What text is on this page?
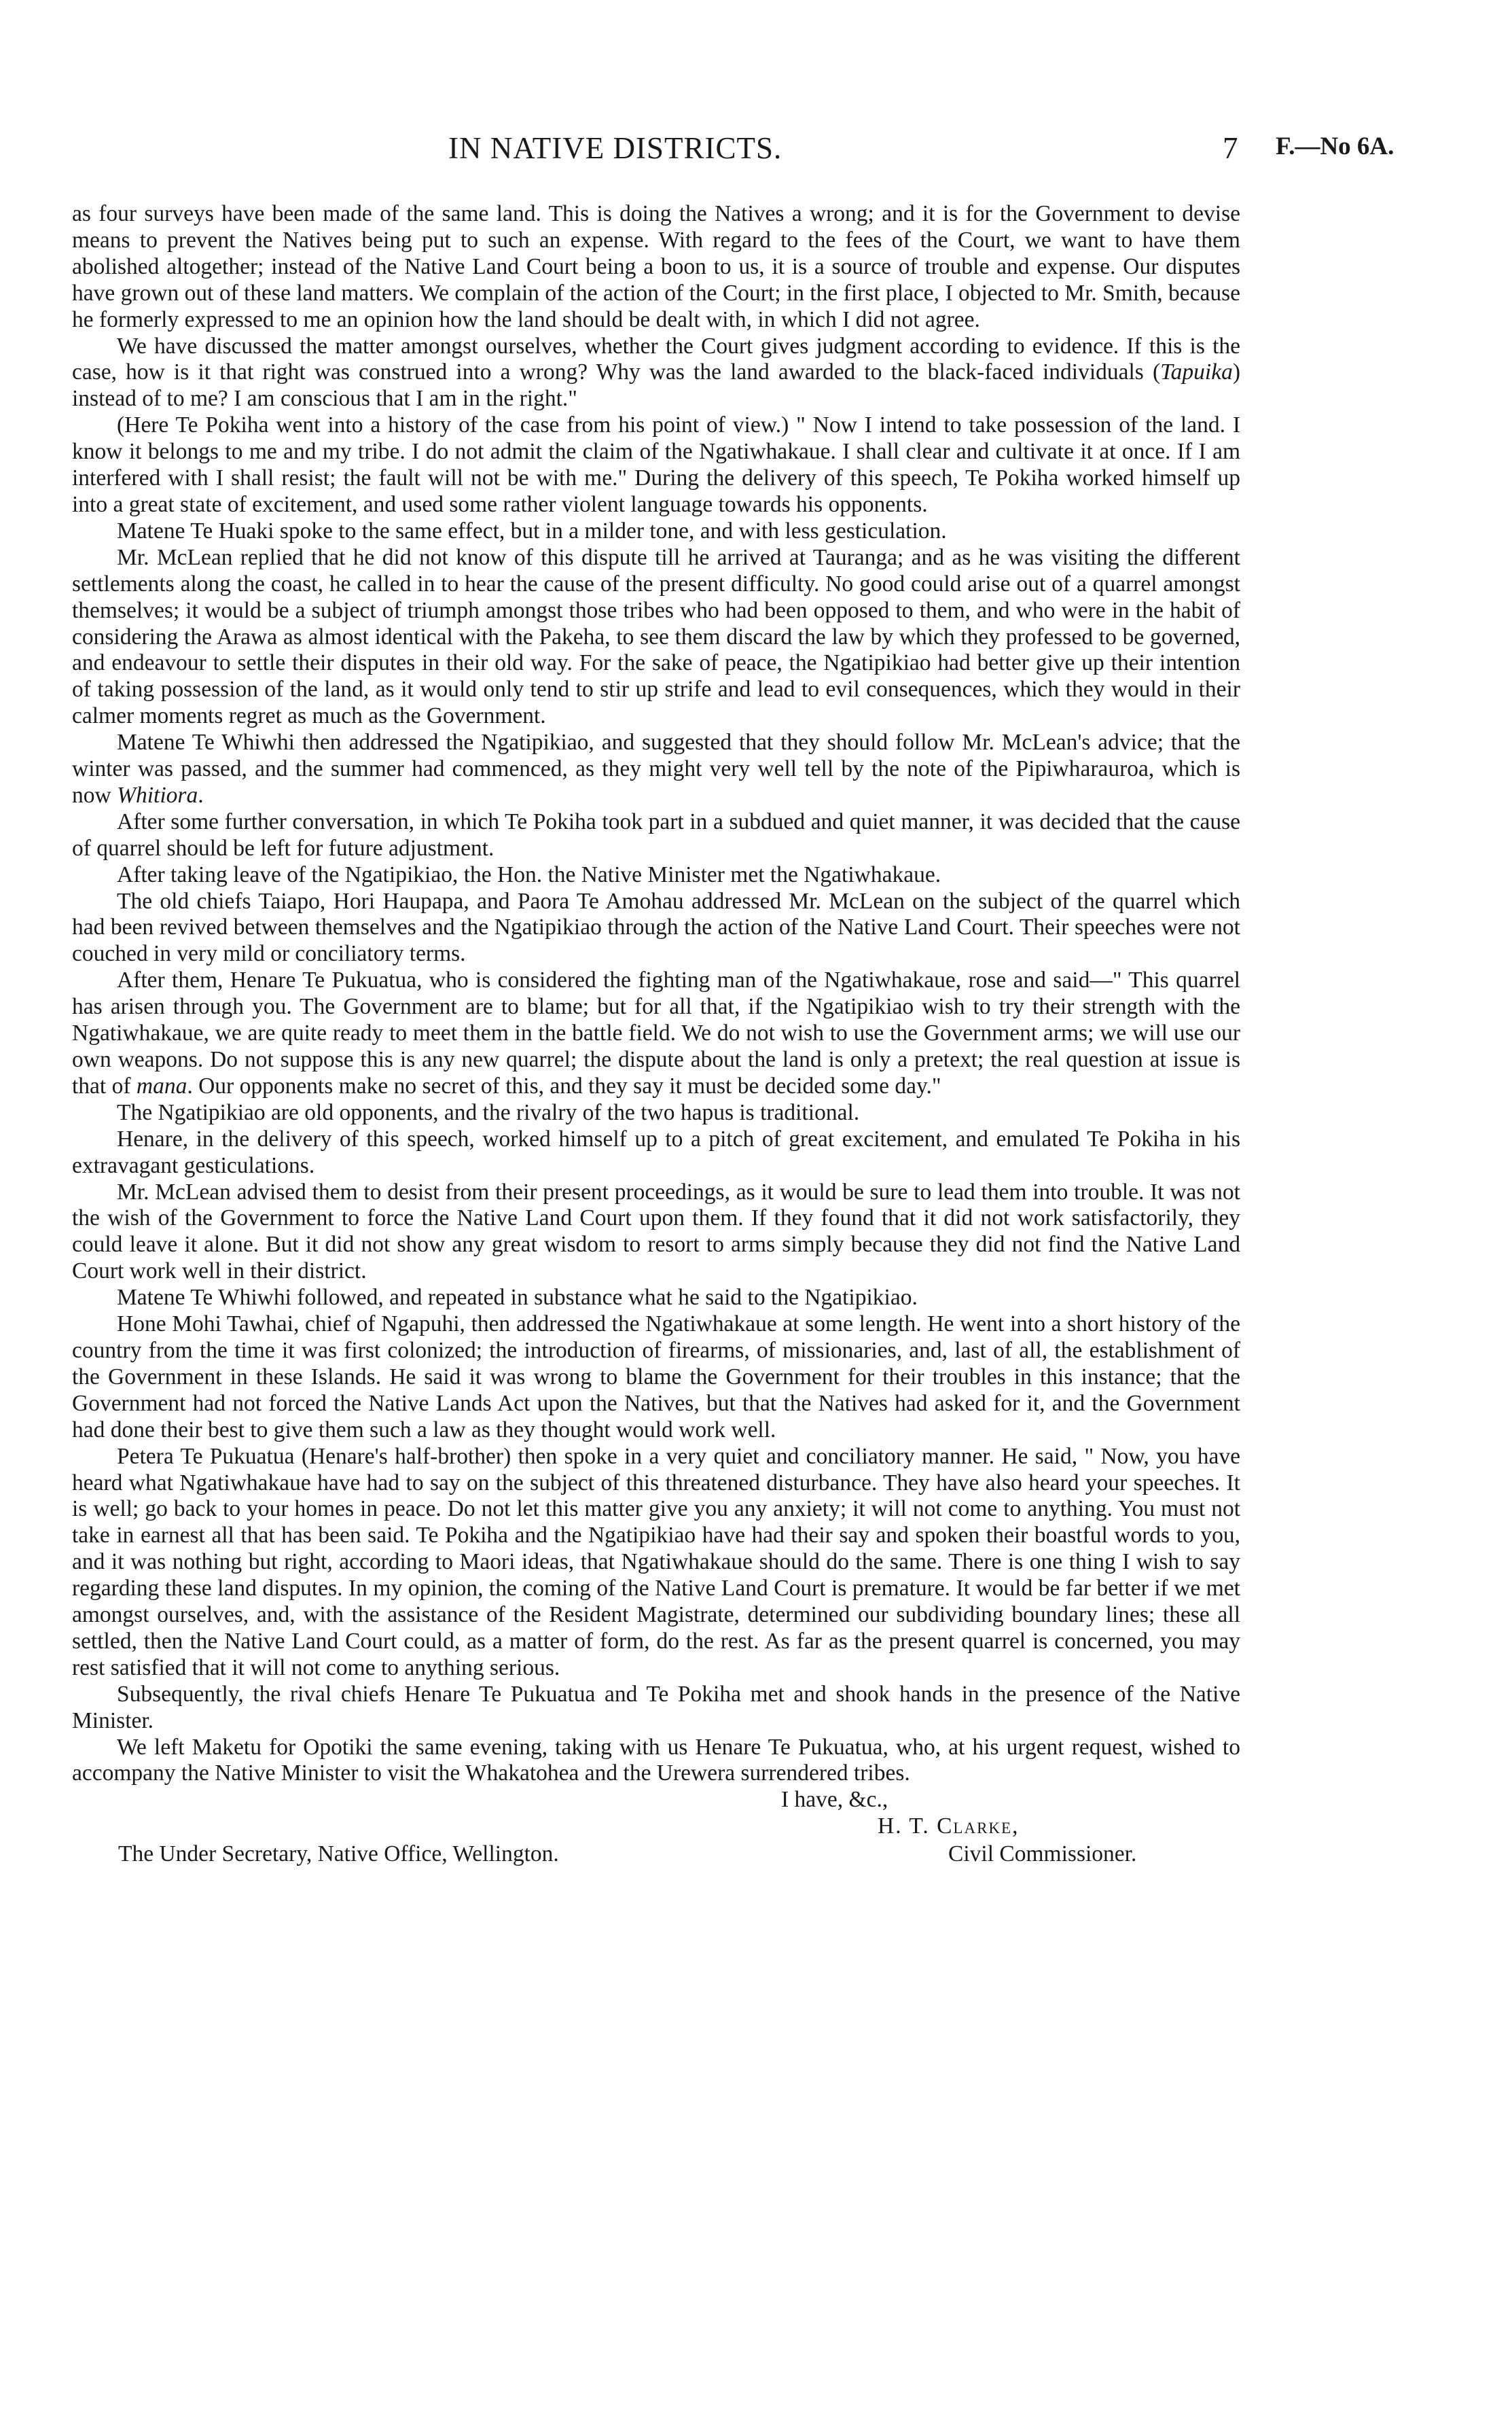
IN NATIVE DISTRICTS.	7 F.—No 6A.

as four surveys have been made of the same land. This is doing the Natives a wrong; and it is for the Government to devise means to prevent the Natives being put to such an expense. With regard to the fees of the Court, we want to have them abolished altogether; instead of the Native Land Court being a boon to us, it is a source of trouble and expense. Our disputes have grown out of these land matters. We complain of the action of the Court; in the first place, I objected to Mr. Smith, because he formerly expressed to me an opinion how the land should be dealt with, in which I did not agree.

We have discussed the matter amongst ourselves, whether the Court gives judgment according to evidence. If this is the case, how is it that right was construed into a wrong? Why was the land awarded to the black-faced individuals (Tapuika) instead of to me? I am conscious that I am in the right."

(Here Te Pokiha went into a history of the case from his point of view.) " Now I intend to take possession of the land. I know it belongs to me and my tribe. I do not admit the claim of the Ngatiwhakaue. I shall clear and cultivate it at once. If I am interfered with I shall resist; the fault will not be with me." During the delivery of this speech, Te Pokiha worked himself up into a great state of excitement, and used some rather violent language towards his opponents.

Matene Te Huaki spoke to the same effect, but in a milder tone, and with less gesticulation.

Mr. McLean replied that he did not know of this dispute till he arrived at Tauranga; and as he was visiting the different settlements along the coast, he called in to hear the cause of the present difficulty. No good could arise out of a quarrel amongst themselves; it would be a subject of triumph amongst those tribes who had been opposed to them, and who were in the habit of considering the Arawa as almost identical with the Pakeha, to see them discard the law by which they professed to be governed, and endeavour to settle their disputes in their old way. For the sake of peace, the Ngatipikiao had better give up their intention of taking possession of the land, as it would only tend to stir up strife and lead to evil consequences, which they would in their calmer moments regret as much as the Government.

Matene Te Whiwhi then addressed the Ngatipikiao, and suggested that they should follow Mr. McLean's advice; that the winter was passed, and the summer had commenced, as they might very well tell by the note of the Pipiwharauroa, which is now Whitiora.

After some further conversation, in which Te Pokiha took part in a subdued and quiet manner, it was decided that the cause of quarrel should be left for future adjustment.

After taking leave of the Ngatipikiao, the Hon. the Native Minister met the Ngatiwhakaue.

The old chiefs Taiapo, Hori Haupapa, and Paora Te Amohau addressed Mr. McLean on the subject of the quarrel which had been revived between themselves and the Ngatipikiao through the action of the Native Land Court. Their speeches were not couched in very mild or conciliatory terms.

After them, Henare Te Pukuatua, who is considered the fighting man of the Ngatiwhakaue, rose and said—" This quarrel has arisen through you. The Government are to blame; but for all that, if the Ngatipikiao wish to try their strength with the Ngatiwhakaue, we are quite ready to meet them in the battle field. We do not wish to use the Government arms; we will use our own weapons. Do not suppose this is any new quarrel; the dispute about the land is only a pretext; the real question at issue is that of mana. Our opponents make no secret of this, and they say it must be decided some day."

The Ngatipikiao are old opponents, and the rivalry of the two hapus is traditional.

Henare, in the delivery of this speech, worked himself up to a pitch of great excitement, and emulated Te Pokiha in his extravagant gesticulations.

Mr. McLean advised them to desist from their present proceedings, as it would be sure to lead them into trouble. It was not the wish of the Government to force the Native Land Court upon them. If they found that it did not work satisfactorily, they could leave it alone. But it did not show any great wisdom to resort to arms simply because they did not find the Native Land Court work well in their district.

Matene Te Whiwhi followed, and repeated in substance what he said to the Ngatipikiao.

Hone Mohi Tawhai, chief of Ngapuhi, then addressed the Ngatiwhakaue at some length. He went into a short history of the country from the time it was first colonized; the introduction of firearms, of missionaries, and, last of all, the establishment of the Government in these Islands. He said it was wrong to blame the Government for their troubles in this instance; that the Government had not forced the Native Lands Act upon the Natives, but that the Natives had asked for it, and the Government had done their best to give them such a law as they thought would work well.

Petera Te Pukuatua (Henare's half-brother) then spoke in a very quiet and conciliatory manner. He said, " Now, you have heard what Ngatiwhakaue have had to say on the subject of this threatened disturbance. They have also heard your speeches. It is well; go back to your homes in peace. Do not let this matter give you any anxiety; it will not come to anything. You must not take in earnest all that has been said. Te Pokiha and the Ngatipikiao have had their say and spoken their boastful words to you, and it was nothing but right, according to Maori ideas, that Ngatiwhakaue should do the same. There is one thing I wish to say regarding these land disputes. In my opinion, the coming of the Native Land Court is premature. It would be far better if we met amongst ourselves, and, with the assistance of the Resident Magistrate, determined our subdividing boundary lines; these all settled, then the Native Land Court could, as a matter of form, do the rest. As far as the present quarrel is concerned, you may rest satisfied that it will not come to anything serious.

Subsequently, the rival chiefs Henare Te Pukuatua and Te Pokiha met and shook hands in the presence of the Native Minister.

We left Maketu for Opotiki the same evening, taking with us Henare Te Pukuatua, who, at his urgent request, wished to accompany the Native Minister to visit the Whakatohea and the Urewera surrendered tribes.

I have, &c.,
H. T. Clarke,
The Under Secretary, Native Office, Wellington.	Civil Commissioner.
